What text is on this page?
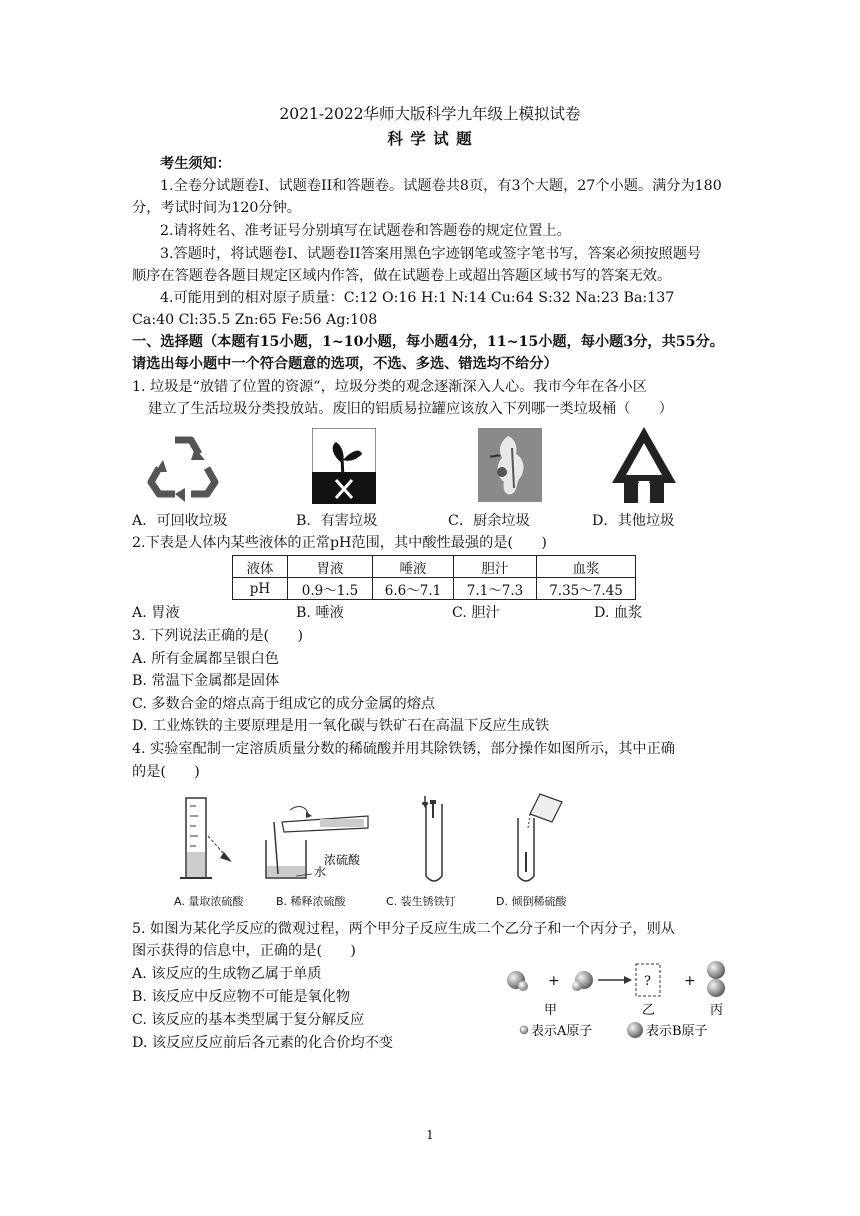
2021-2022华师大版科学九年级上模拟试卷
科 学 试 题
考生须知：
1.全卷分试题卷I、试题卷II和答题卷。试题卷共8页，有3个大题，27个小题。满分为180
分，考试时间为120分钟。
2.请将姓名、准考证号分别填写在试题卷和答题卷的规定位置上。
3.答题时，将试题卷I、试题卷II答案用黑色字迹钢笔或签字笔书写，答案必须按照题号
顺序在答题卷各题目规定区域内作答，做在试题卷上或超出答题区域书写的答案无效。
4.可能用到的相对原子质量：C:12 O:16 H:1 N:14 Cu:64 S:32 Na:23 Ba:137
Ca:40 Cl:35.5 Zn:65 Fe:56 Ag:108
一、选择题（本题有15小题，1~10小题，每小题4分，11~15小题，每小题3分，共55分。
请选出每小题中一个符合题意的选项，不选、多选、错选均不给分）
1. 垃圾是“放错了位置的资源”，垃圾分类的观念逐渐深入人心。我市今年在各小区
建立了生活垃圾分类投放站。废旧的铝质易拉罐应该放入下列哪一类垃圾桶（　　）
A．可回收垃圾	B．有害垃圾	C．厨余垃圾	D．其他垃圾
2.下表是人体内某些液体的正常pH范围，其中酸性最强的是(　　)
液体	胃液	唾液	胆汁	血浆
pH	0.9～1.5	6.6～7.1	7.1～7.3	7.35～7.45
A. 胃液	B. 唾液	C. 胆汁	D. 血浆
3. 下列说法正确的是(　　)
A. 所有金属都呈银白色
B. 常温下金属都是固体
C. 多数合金的熔点高于组成它的成分金属的熔点
D. 工业炼铁的主要原理是用一氧化碳与铁矿石在高温下反应生成铁
4. 实验室配制一定溶质质量分数的稀硫酸并用其除铁锈，部分操作如图所示，其中正确
的是(　　)
浓硫酸
水
A. 量取浓硫酸	B. 稀释浓硫酸	C. 装生锈铁钉	D. 倾倒稀硫酸
5. 如图为某化学反应的微观过程，两个甲分子反应生成二个乙分子和一个丙分子，则从
图示获得的信息中，正确的是(　　)
A. 该反应的生成物乙属于单质
B. 该反应中反应物不可能是氧化物
C. 该反应的基本类型属于复分解反应
D. 该反应反应前后各元素的化合价均不变
+	? +
甲	乙	丙
表示A原子	表示B原子
1
